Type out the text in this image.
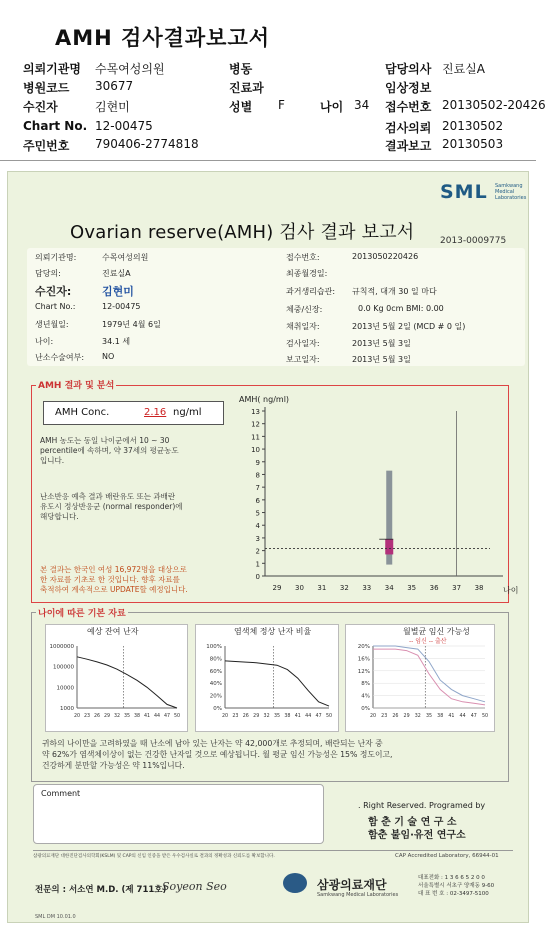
AMH 검사결과보고서
의뢰기관명 수목여성의원	병동	담당의사 진료실A
병원코드 30677	진료과	임상정보
수진자	김현미	성별 F	나이 34 접수번호 20130502-20426
Chart No. 12-00475	검사의뢰 20130502
주민번호 790406-2774818	결과보고 20130503
SML Samkwang Medical Laboratories
Ovarian reserve(AMH) 검사 결과 보고서	2013-0009775
의뢰기관명:	수목여성의원
담당의:	진료실A
수진자:	김현미
Chart No.:	12-00475
생년월일:	1979년 4월 6일
나이:	34.1 세
난소수술여부: NO
접수번호:	2013050220426
최종월경일:
과거생리습관: 규칙적, 대개 30 일 마다
체중/신장:	0.0 Kg 0cm BMI: 0.00
채취일자:	2013년 5월 2일 (MCD # 0 일)
검사일자:	2013년 5월 3일
보고일자:	2013년 5월 3일
AMH 결과 및 분석
AMH Conc.	2.16 ng/ml
AMH 농도는 동일 나이군에서 10 ~ 30
percentile에 속하며, 약 37세의 평균농도
입니다.
난소반응 예측 결과 배란유도 또는 과배란
유도시 정상반응군 (normal responder)에
해당합니다.
본 결과는 한국인 여성 16,972명을 대상으로
한 자료를 기초로 한 것입니다. 향후 자료를
축적하여 계속적으로 UPDATE할 예정입니다.
AMH( ng/ml)
0
1
2
3
4
5
6
7
8
9
10
11
12
13
29 30 31 32 33 34 35 36 37 38 나이
나이에 따른 기본 자료
1000000
100000
10000
1000
20 23 26 29 32 35 38 41 44 47 50
100%
80%
60%
40%
20%
0%
20 23 26 29 32 35 38 41 44 47 50
20%
16%
12%
8%
4%
0%
20 23 26 29 32 35 38 41 44 47 50
귀하의 나이만을 고려하였을 때 난소에 남아 있는 난자는 약 42,000개로 추정되며, 배란되는 난자 중
약 62%가 염색체이상이 없는 건강한 난자일 것으로 예상됩니다. 월 평균 임신 가능성은 15% 정도이고,
건강하게 분만할 가능성은 약 11%입니다.
Comment
. Right Reserved. Programed by
함 춘 기 술 연 구 소
함춘 불임·유전 연구소
삼광의료재단 대한진단검사의학회(KSLM) 및 CAP의 신임 인증을 받은 우수검사실로 결과의 정확성과 신뢰도를 확보합니다.	CAP Accredited Laboratory, 66944-01
전문의 : 서소연 M.D. (제 711호)
Soyeon Seo	삼광의료재단
Samkwang Medical Laboratories
대표전화 : 1 3 6 6 5 2 0 0
서울특별시 서초구 양재동 9-60
대 표 번 호 : 02-3497-5100
SML DM 10.01.0
예상 잔여 난자	염색체 정상 난자 비율	월별균 임신 가능성
-- 임신 -- 출산
